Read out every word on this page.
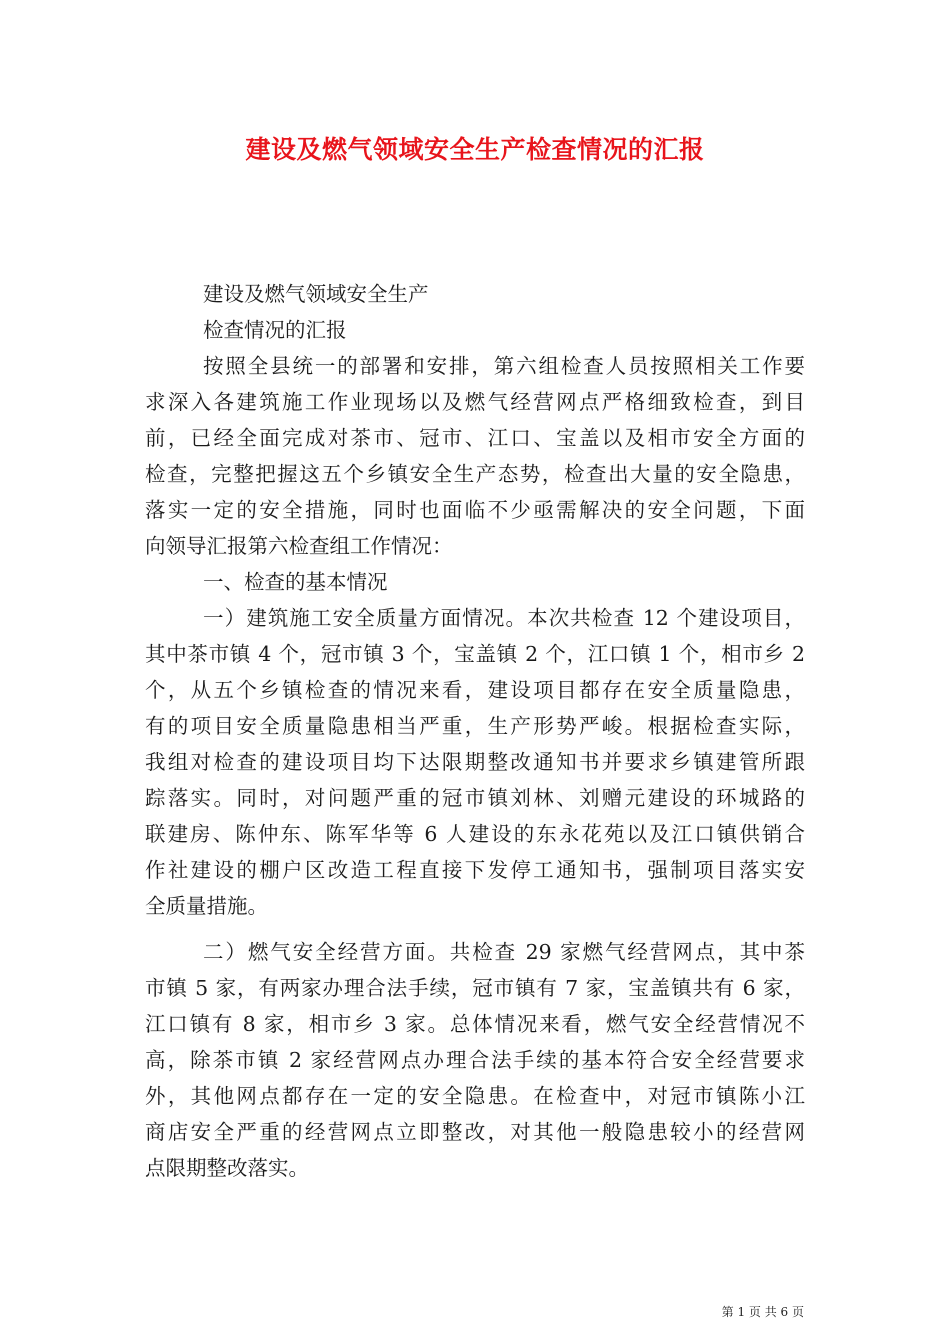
建设及燃气领域安全生产检查情况的汇报
建设及燃气领域安全生产
检查情况的汇报
按照全县统一的部署和安排，第六组检查人员按照相关工作要
求深入各建筑施工作业现场以及燃气经营网点严格细致检查，到目
前，已经全面完成对茶市、冠市、江口、宝盖以及相市安全方面的
检查，完整把握这五个乡镇安全生产态势，检查出大量的安全隐患，
落实一定的安全措施，同时也面临不少亟需解决的安全问题，下面
向领导汇报第六检查组工作情况：
一、检查的基本情况
一）建筑施工安全质量方面情况。本次共检查 12 个建设项目，
其中茶市镇 4 个，冠市镇 3 个，宝盖镇 2 个，江口镇 1 个，相市乡 2
个，从五个乡镇检查的情况来看，建设项目都存在安全质量隐患，
有的项目安全质量隐患相当严重，生产形势严峻。根据检查实际，
我组对检查的建设项目均下达限期整改通知书并要求乡镇建管所跟
踪落实。同时，对问题严重的冠市镇刘林、刘赠元建设的环城路的
联建房、陈仲东、陈军华等 6 人建设的东永花苑以及江口镇供销合
作社建设的棚户区改造工程直接下发停工通知书，强制项目落实安
全质量措施。
二）燃气安全经营方面。共检查 29 家燃气经营网点，其中茶
市镇 5 家，有两家办理合法手续，冠市镇有 7 家，宝盖镇共有 6 家，
江口镇有 8 家，相市乡 3 家。总体情况来看，燃气安全经营情况不
高，除茶市镇 2 家经营网点办理合法手续的基本符合安全经营要求
外，其他网点都存在一定的安全隐患。在检查中，对冠市镇陈小江
商店安全严重的经营网点立即整改，对其他一般隐患较小的经营网
点限期整改落实。
第 1 页 共 6 页
